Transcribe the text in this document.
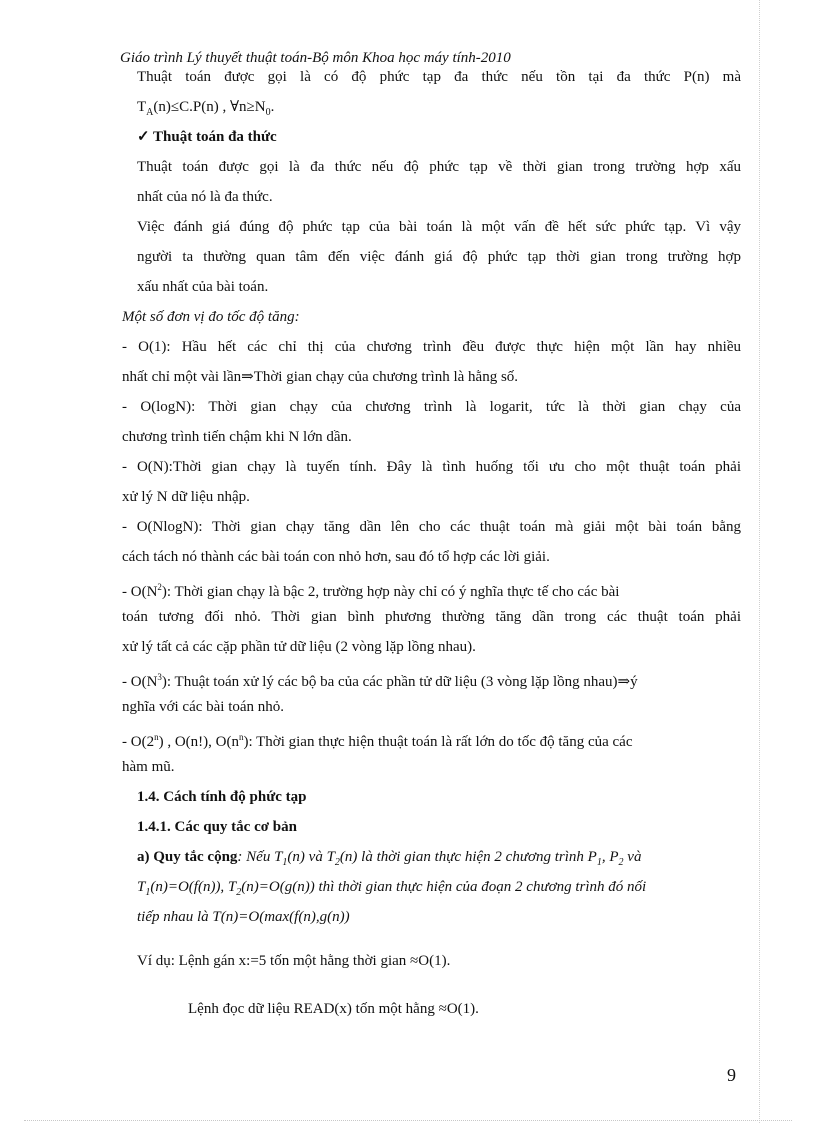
Giáo trình Lý thuyết thuật toán-Bộ môn Khoa học máy tính-2010
Thuật toán được gọi là có độ phức tạp đa thức nếu tồn tại đa thức P(n) mà
$T_A(n)\le C.P(n)$ , $\forall n\ge N_0$.
✓ Thuật toán đa thức
Thuật toán được gọi là đa thức nếu độ phức tạp về thời gian trong trường hợp xấu
nhất của nó là đa thức.
Việc đánh giá đúng độ phức tạp của bài toán là một vấn đề hết sức phức tạp. Vì vậy
người ta thường quan tâm đến việc đánh giá độ phức tạp thời gian trong trường hợp
xấu nhất của bài toán.
Một số đơn vị đo tốc độ tăng:
- O(1): Hầu hết các chỉ thị của chương trình đều được thực hiện một lần hay nhiều
nhất chỉ một vài lần⇒Thời gian chạy của chương trình là hằng số.
- O(logN): Thời gian chạy của chương trình là logarit, tức là thời gian chạy của
chương trình tiến chậm khi N lớn dần.
- O(N):Thời gian chạy là tuyến tính. Đây là tình huống tối ưu cho một thuật toán phải
xử lý N dữ liệu nhập.
- O(NlogN): Thời gian chạy tăng dần lên cho các thuật toán mà giải một bài toán bằng
cách tách nó thành các bài toán con nhỏ hơn, sau đó tổ hợp các lời giải.
- $O(N^2)$: Thời gian chạy là bậc 2, trường hợp này chỉ có ý nghĩa thực tế cho các bài
toán tương đối nhỏ. Thời gian bình phương thường tăng dần trong các thuật toán phải
xử lý tất cả các cặp phần tử dữ liệu (2 vòng lặp lồng nhau).
- $O(N^3)$: Thuật toán xử lý các bộ ba của các phần tử dữ liệu (3 vòng lặp lồng nhau)⇒ý
nghĩa với các bài toán nhỏ.
- O(2$^n$) , O(n!), $O(n^n)$: Thời gian thực hiện thuật toán là rất lớn do tốc độ tăng của các
hàm mũ.
1.4. Cách tính độ phức tạp
1.4.1. Các quy tắc cơ bản
a) Quy tắc cộng: Nếu $T_1(n)$ và $T_2(n)$ là thời gian thực hiện 2 chương trình $P_1$, $P_2$ và
$T_1(n)=O(f(n))$, $T_2(n)=O(g(n))$ thì thời gian thực hiện của đoạn 2 chương trình đó nối
tiếp nhau là T(n)=O(max(f(n),g(n))
Ví dụ: Lệnh gán x:=5 tốn một hằng thời gian ≈O(1).
Lệnh đọc dữ liệu READ(x) tốn một hằng ≈O(1).
9
